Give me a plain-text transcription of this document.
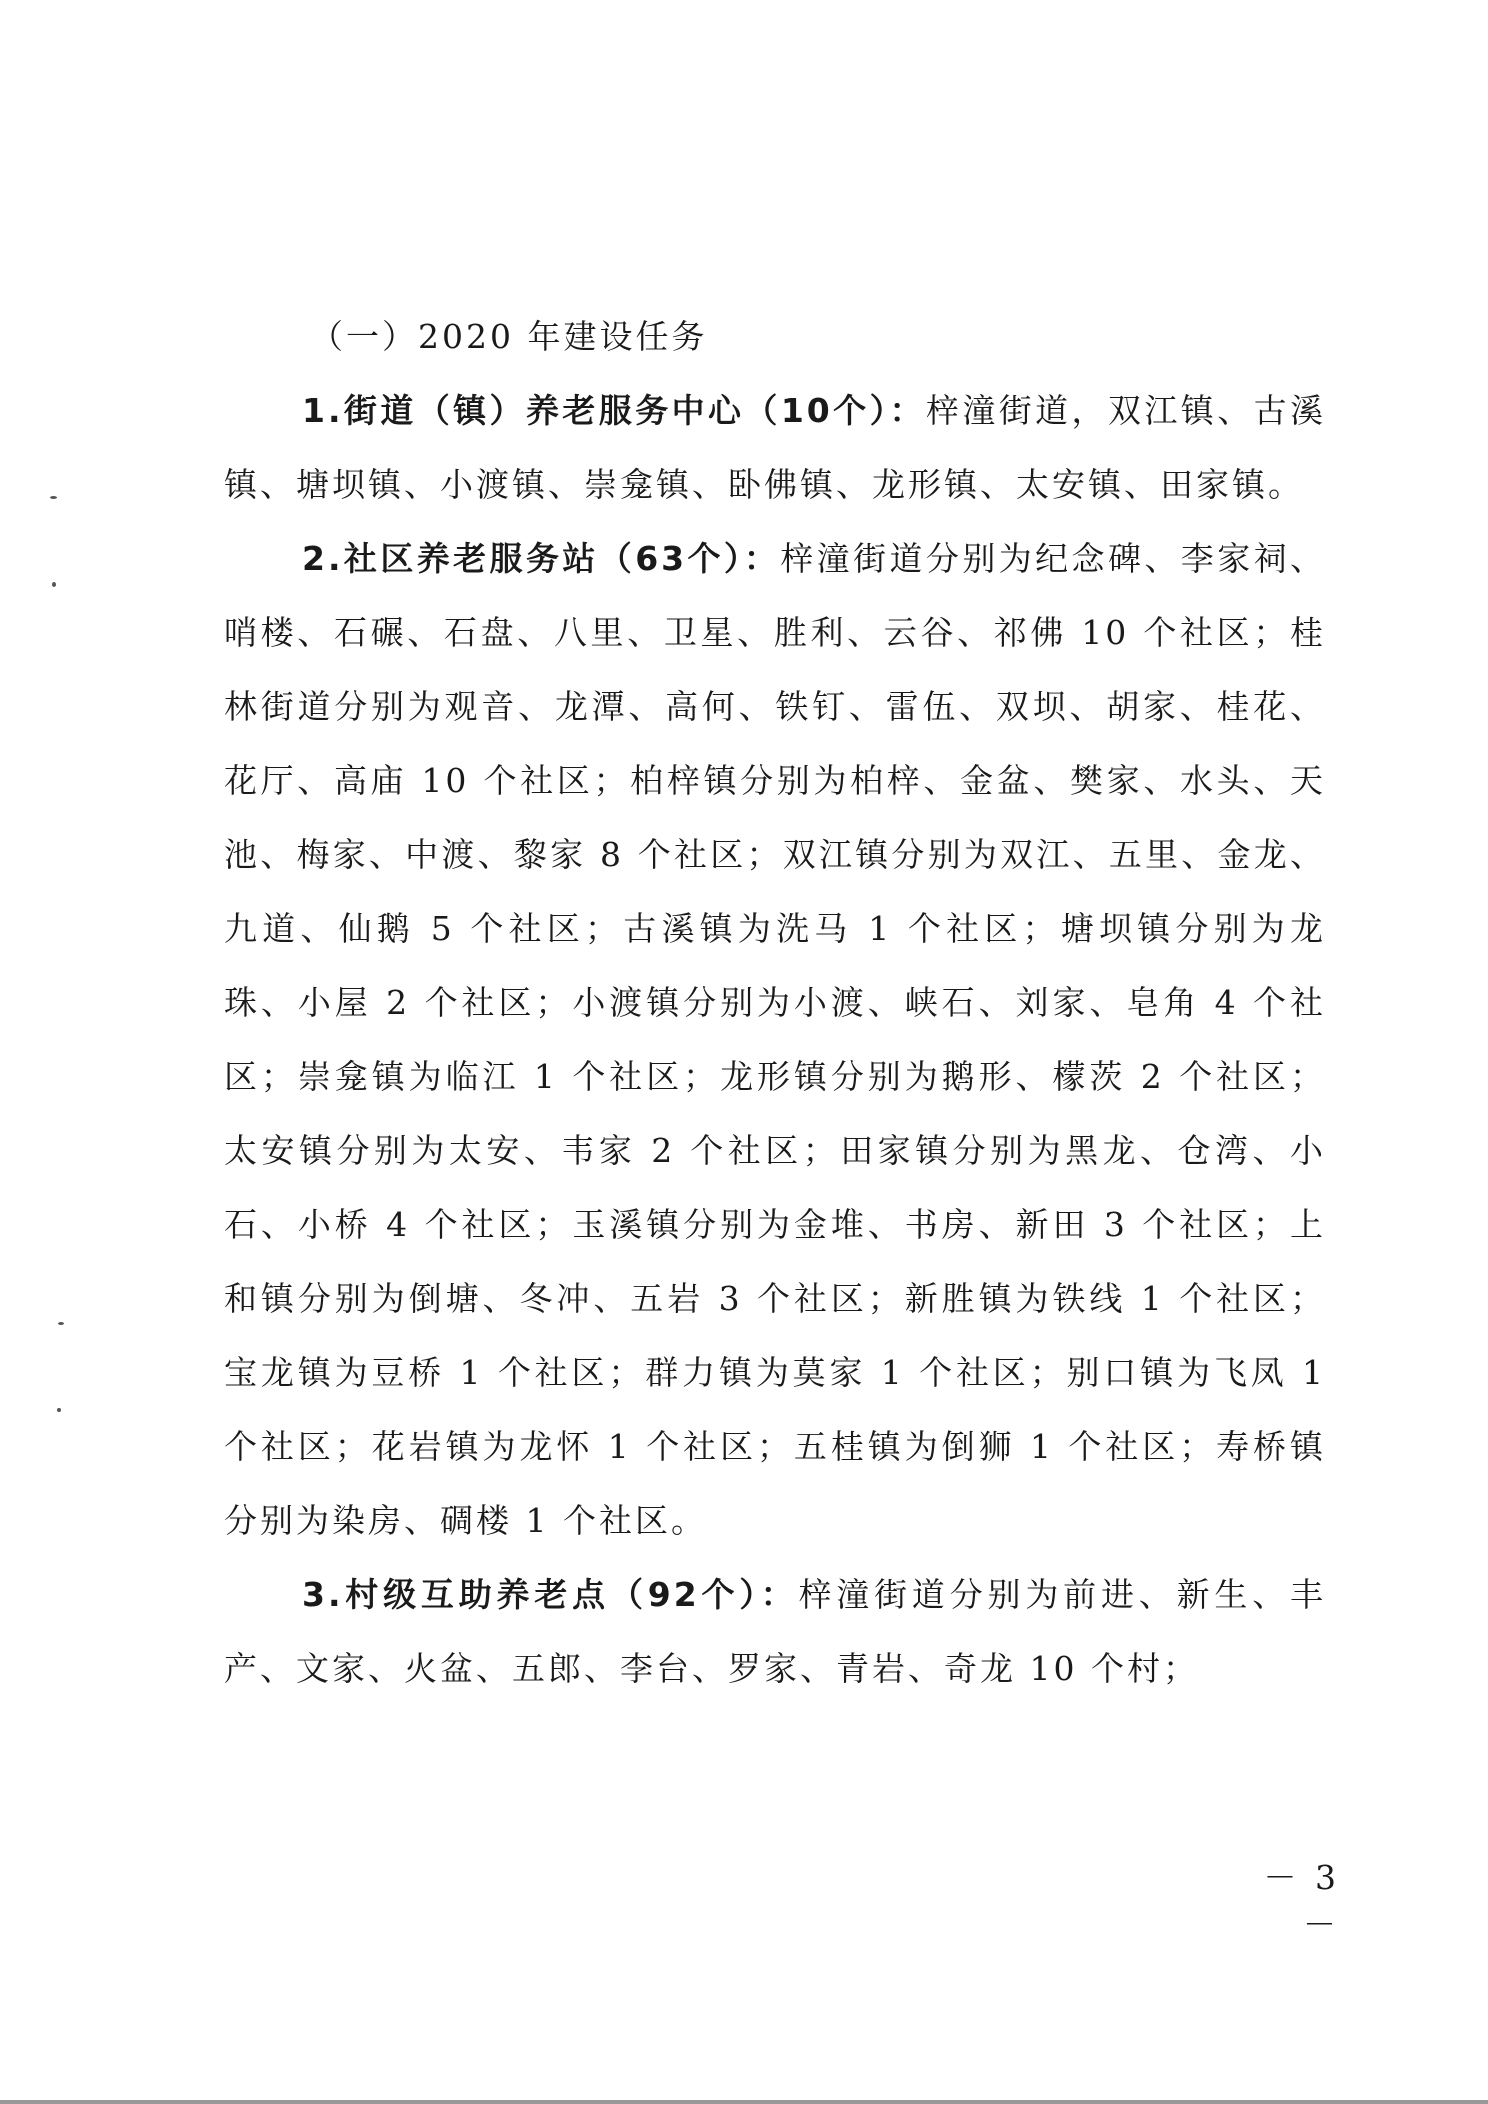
（一）2020 年建设任务

1.街道（镇）养老服务中心（10个）：梓潼街道，双江镇、古溪镇、塘坝镇、小渡镇、崇龛镇、卧佛镇、龙形镇、太安镇、田家镇。

2.社区养老服务站（63个）：梓潼街道分别为纪念碑、李家祠、哨楼、石碾、石盘、八里、卫星、胜利、云谷、祁佛 10 个社区；桂林街道分别为观音、龙潭、高何、铁钉、雷伍、双坝、胡家、桂花、花厅、高庙 10 个社区；柏梓镇分别为柏梓、金盆、樊家、水头、天池、梅家、中渡、黎家 8 个社区；双江镇分别为双江、五里、金龙、九道、仙鹅 5 个社区；古溪镇为洗马 1 个社区；塘坝镇分别为龙珠、小屋 2 个社区；小渡镇分别为小渡、峡石、刘家、皂角 4 个社区；崇龛镇为临江 1 个社区；龙形镇分别为鹅形、檬茨 2 个社区；太安镇分别为太安、韦家 2 个社区；田家镇分别为黑龙、仓湾、小石、小桥 4 个社区；玉溪镇分别为金堆、书房、新田 3 个社区；上和镇分别为倒塘、冬冲、五岩 3 个社区；新胜镇为铁线 1 个社区；宝龙镇为豆桥 1 个社区；群力镇为莫家 1 个社区；别口镇为飞凤 1 个社区；花岩镇为龙怀 1 个社区；五桂镇为倒狮 1 个社区；寿桥镇分别为染房、碉楼 1 个社区。

3.村级互助养老点（92个）：梓潼街道分别为前进、新生、丰产、文家、火盆、五郎、李台、罗家、青岩、奇龙 10 个村；

－ 3 －
